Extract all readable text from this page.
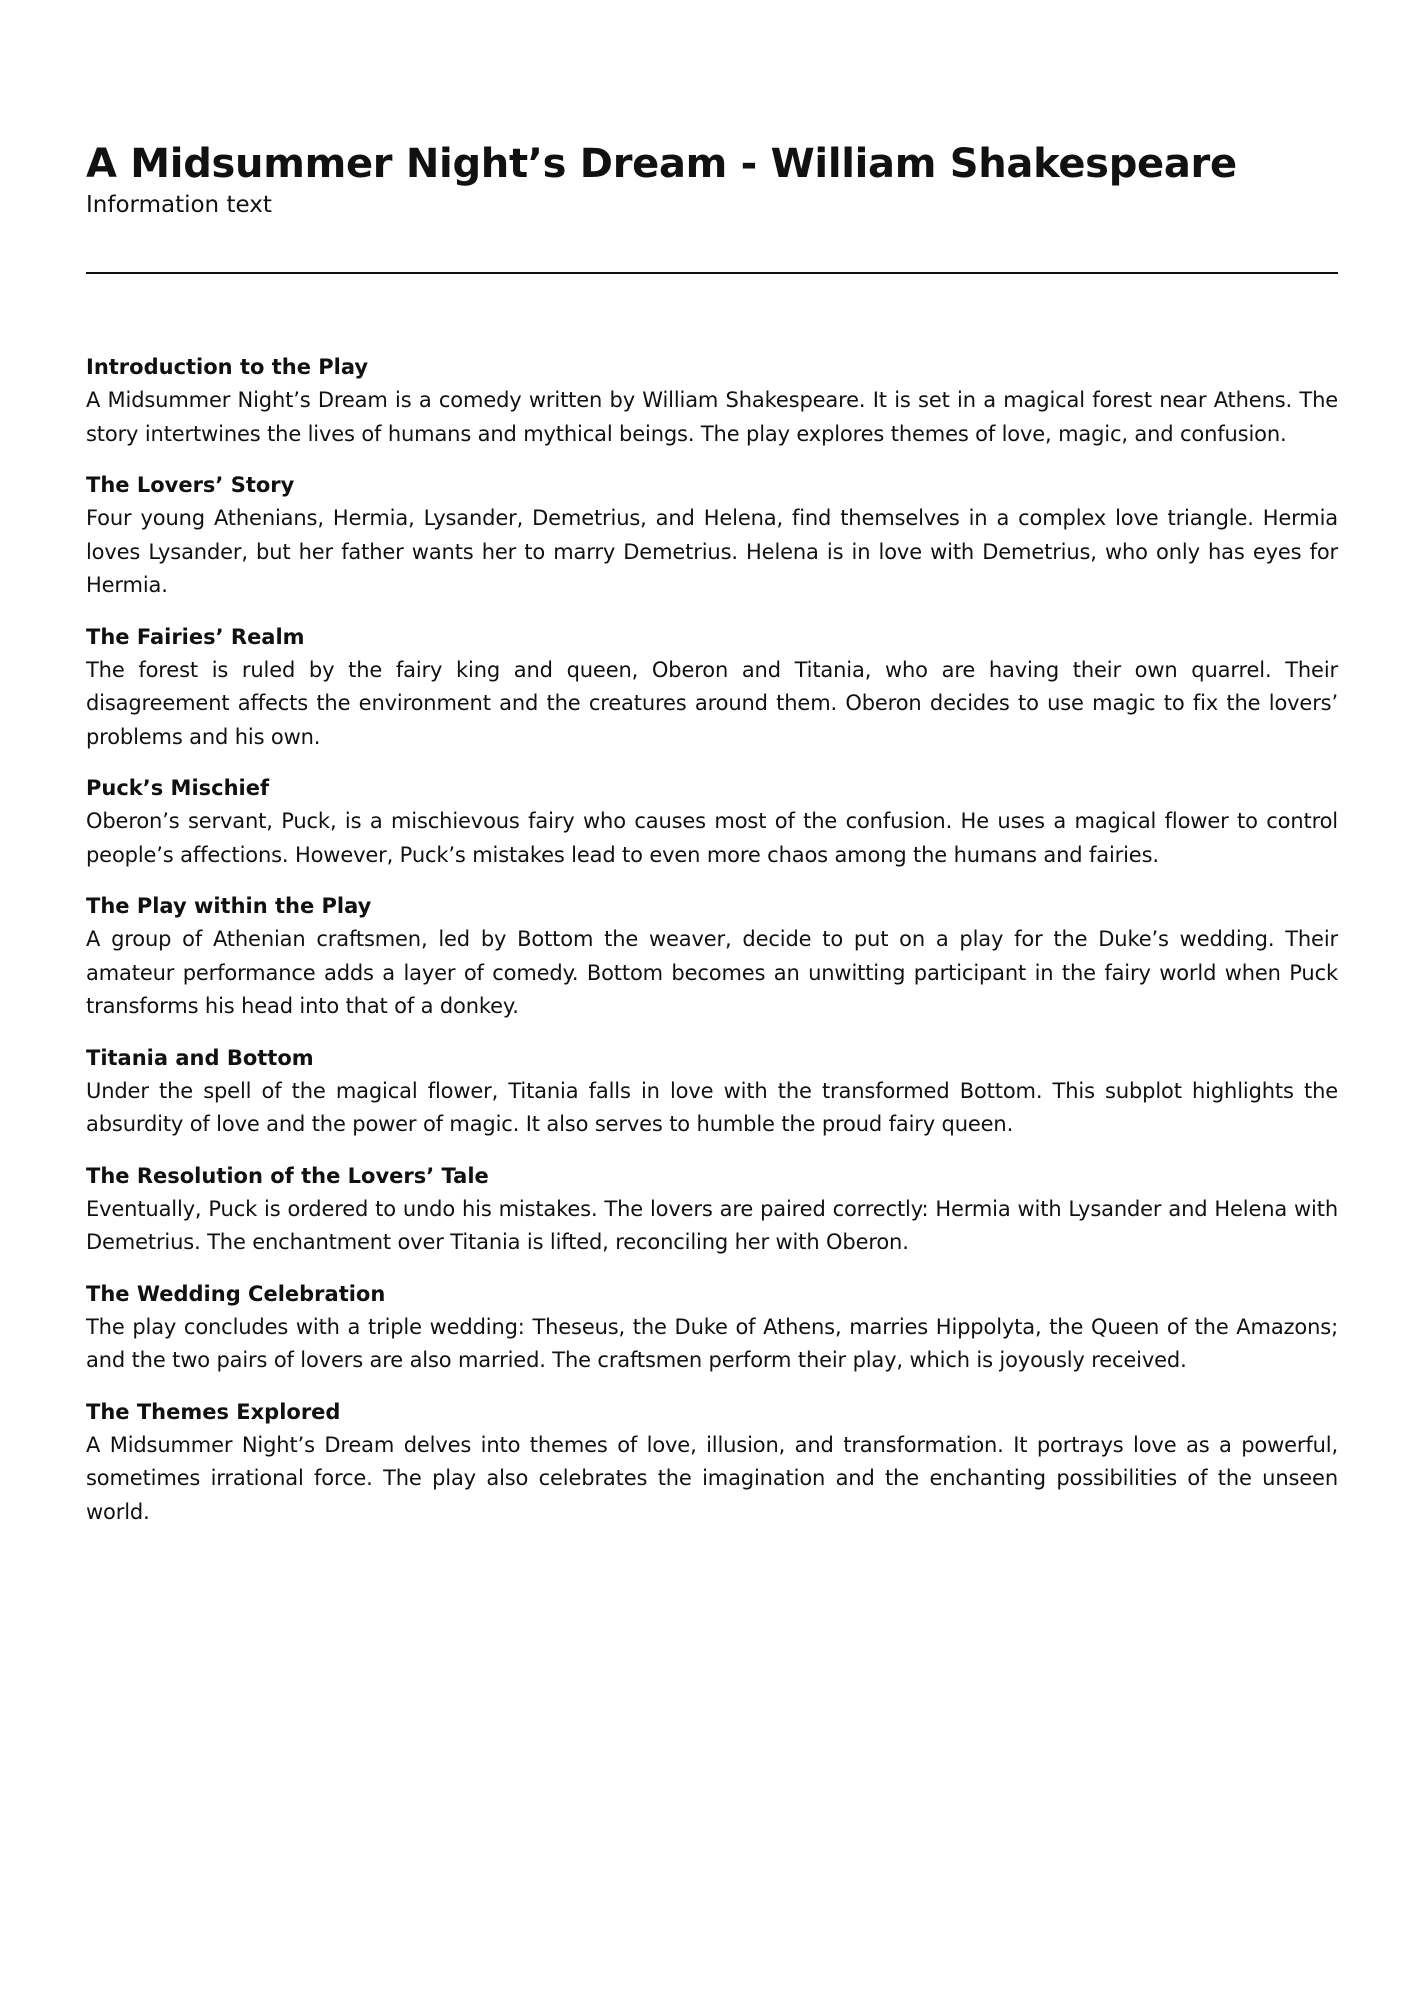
A Midsummer Night’s Dream - William Shakespeare

Information text

Introduction to the Play
A Midsummer Night’s Dream is a comedy written by William Shakespeare. It is set in a magical forest near Athens. The story intertwines the lives of humans and mythical beings. The play explores themes of love, magic, and confusion.
The Lovers’ Story
Four young Athenians, Hermia, Lysander, Demetrius, and Helena, find themselves in a complex love triangle. Hermia loves Lysander, but her father wants her to marry Demetrius. Helena is in love with Demetrius, who only has eyes for Hermia.
The Fairies’ Realm
The forest is ruled by the fairy king and queen, Oberon and Titania, who are having their own quarrel. Their disagreement affects the environment and the creatures around them. Oberon decides to use magic to fix the lovers’ problems and his own.
Puck’s Mischief
Oberon’s servant, Puck, is a mischievous fairy who causes most of the confusion. He uses a magical flower to control people’s affections. However, Puck’s mistakes lead to even more chaos among the humans and fairies.
The Play within the Play
A group of Athenian craftsmen, led by Bottom the weaver, decide to put on a play for the Duke’s wedding. Their amateur performance adds a layer of comedy. Bottom becomes an unwitting participant in the fairy world when Puck transforms his head into that of a donkey.
Titania and Bottom
Under the spell of the magical flower, Titania falls in love with the transformed Bottom. This subplot highlights the absurdity of love and the power of magic. It also serves to humble the proud fairy queen.
The Resolution of the Lovers’ Tale
Eventually, Puck is ordered to undo his mistakes. The lovers are paired correctly: Hermia with Lysander and Helena with Demetrius. The enchantment over Titania is lifted, reconciling her with Oberon.
The Wedding Celebration
The play concludes with a triple wedding: Theseus, the Duke of Athens, marries Hippolyta, the Queen of the Amazons; and the two pairs of lovers are also married. The craftsmen perform their play, which is joyously received.
The Themes Explored
A Midsummer Night’s Dream delves into themes of love, illusion, and transformation. It portrays love as a powerful, sometimes irrational force. The play also celebrates the imagination and the enchanting possibilities of the unseen world.
